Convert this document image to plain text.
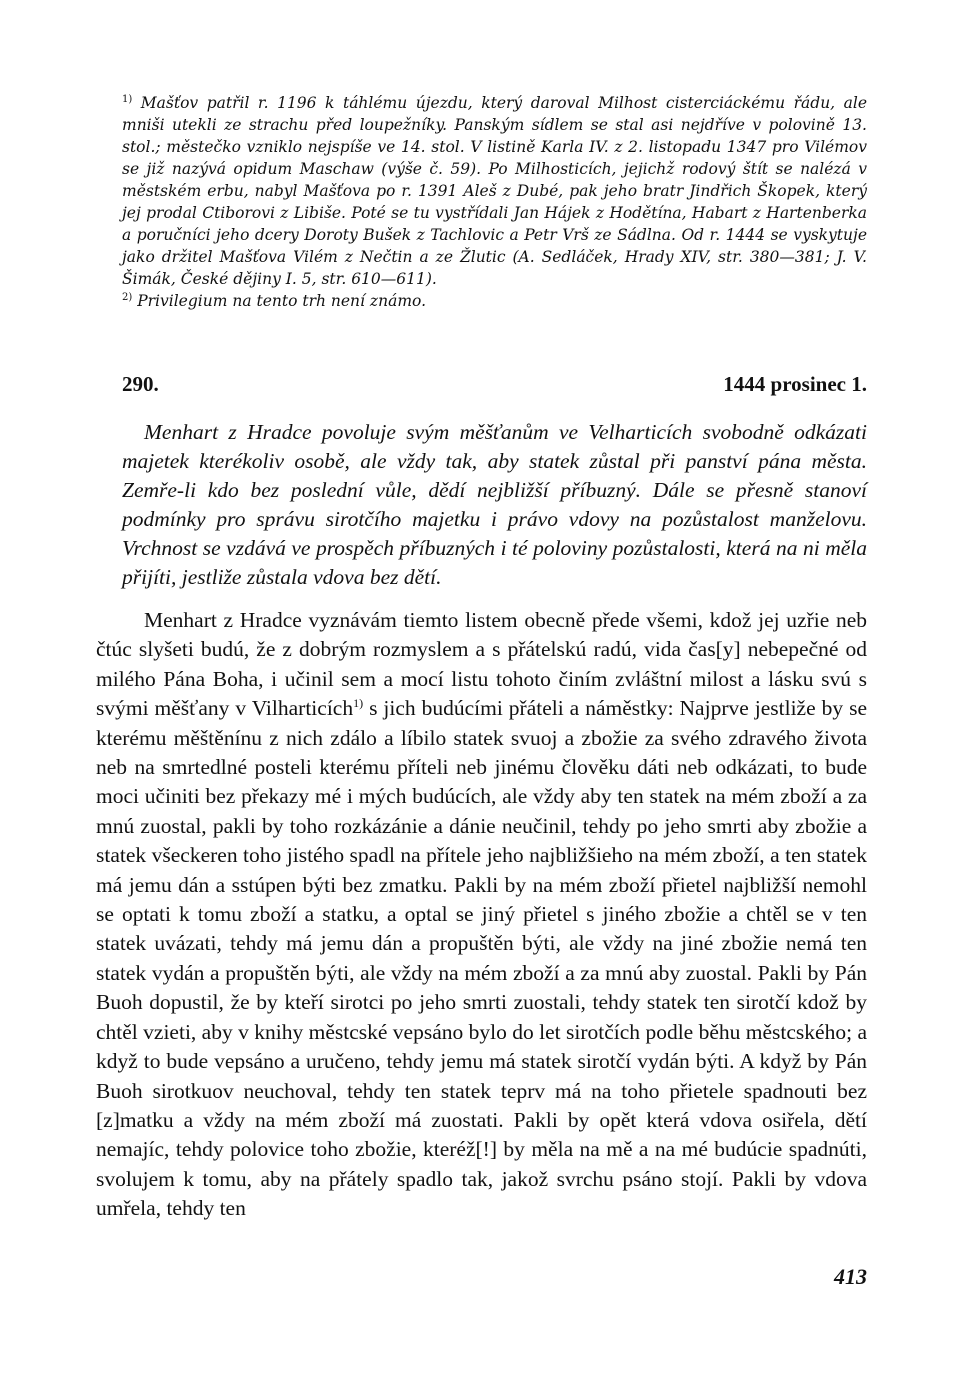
$^{1)}$ Mašťov patřil r. 1196 k táhlému újezdu, který daroval Milhost cisterciáckému řádu, ale mniši utekli ze strachu před loupežníky. Panským sídlem se stal asi nejdříve v polovině 13. stol.; městečko vzniklo nejspíše ve 14. stol. V listině Karla IV. z 2. listopadu 1347 pro Vilémov se již nazývá opidum Maschaw (výše č. 59). Po Milhosticích, jejichž rodový štít se nalézá v městském erbu, nabyl Mašťova po r. 1391 Aleš z Dubé, pak jeho bratr Jindřich Škopek, který jej prodal Ctiborovi z Libiše. Poté se tu vystřídali Jan Hájek z Hodětína, Habart z Hartenberka a poručníci jeho dcery Doroty Bušek z Tachlovic a Petr Vrš ze Sádlna. Od r. 1444 se vyskytuje jako držitel Mašťova Vilém z Nečtin a ze Žlutic (A. Sedláček, Hrady XIV, str. 380—381; J. V. Šimák, České dějiny I. 5, str. 610—611).

$^{2)}$ Privilegium na tento trh není známo.

290.	1444 prosinec 1.
Menhart z Hradce povoluje svým měšťanům ve Velharticích svobodně odkázati majetek kterékoliv osobě, ale vždy tak, aby statek zůstal při panství pána města. Zemře-li kdo bez poslední vůle, dědí nejbližší příbuzný. Dále se přesně stanoví podmínky pro správu sirotčího majetku i právo vdovy na pozůstalost manželovu. Vrchnost se vzdává ve prospěch příbuzných i té poloviny pozůstalosti, která na ni měla přijíti, jestliže zůstala vdova bez dětí.
Menhart z Hradce vyznávám tiemto listem obecně přede všemi, kdož jej uzřie neb čtúc slyšeti budú, že z dobrým rozmyslem a s přátelskú radú, vida čas[y] nebepečné od milého Pána Boha, i učinil sem a mocí listu tohoto činím zvláštní milost a lásku svú s svými měšťany v Vilharticích$^{1)}$ s jich budúcími přáteli a náměstky: Najprve jestliže by se kterému měštěnínu z nich zdálo a líbilo statek svuoj a zbožie za svého zdravého života neb na smrtedlné posteli kterému příteli neb jinému člověku dáti neb odkázati, to bude moci učiniti bez překazy mé i mých budúcích, ale vždy aby ten statek na mém zboží a za mnú zuostal, pakli by toho rozkázánie a dánie neučinil, tehdy po jeho smrti aby zbožie a statek všeckeren toho jistého spadl na přítele jeho najbližšieho na mém zboží, a ten statek má jemu dán a sstúpen býti bez zmatku. Pakli by na mém zboží přietel najbližší nemohl se optati k tomu zboží a statku, a optal se jiný přietel s jiného zbožie a chtěl se v ten statek uvázati, tehdy má jemu dán a propuštěn býti, ale vždy na jiné zbožie nemá ten statek vydán a propuštěn býti, ale vždy na mém zboží a za mnú aby zuostal. Pakli by Pán Buoh dopustil, že by kteří sirotci po jeho smrti zuostali, tehdy statek ten sirotčí kdož by chtěl vzieti, aby v knihy městcské vepsáno bylo do let sirotčích podle běhu městcského; a když to bude vepsáno a uručeno, tehdy jemu má statek sirotčí vydán býti. A když by Pán Buoh sirotkuov neuchoval, tehdy ten statek teprv má na toho přietele spadnouti bez [z]matku a vždy na mém zboží má zuostati. Pakli by opět která vdova osiřela, dětí nemajíc, tehdy polovice toho zbožie, kteréž[!] by měla na mě a na mé budúcie spadnúti, svolujem k tomu, aby na přátely spadlo tak, jakož svrchu psáno stojí. Pakli by vdova umřela, tehdy ten
413
